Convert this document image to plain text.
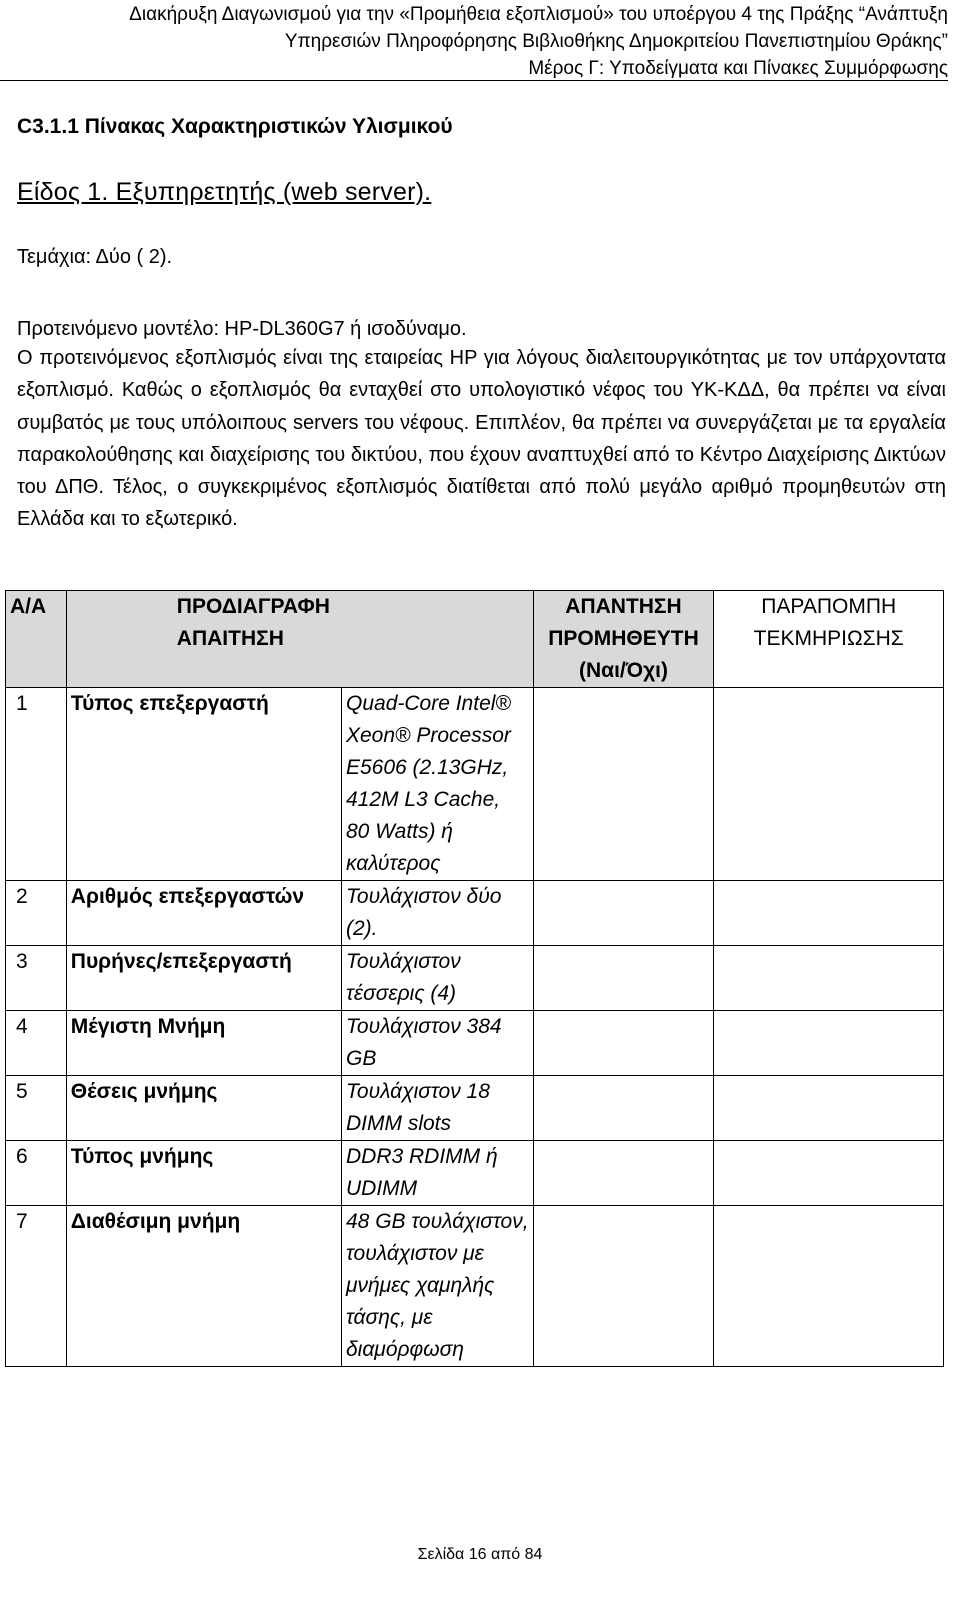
Διακήρυξη Διαγωνισμού για την «Προμήθεια εξοπλισμού» του υποέργου 4 της Πράξης “Ανάπτυξη
Υπηρεσιών Πληροφόρησης Βιβλιοθήκης Δημοκριτείου Πανεπιστημίου Θράκης”
Μέρος Γ: Υποδείγματα και Πίνακες Συμμόρφωσης
C3.1.1 Πίνακας Χαρακτηριστικών Υλισμικού
Είδος 1. Εξυπηρετητής (web server).

Τεμάχια: Δύο ( 2).

Προτεινόμενο μοντέλο: HP-DL360G7 ή ισοδύναμο.

Ο προτεινόμενος εξοπλισμός είναι της εταιρείας HP για λόγους διαλειτουργικότητας με τον υπάρχοντατα εξοπλισμό. Καθώς ο εξοπλισμός θα ενταχθεί στο υπολογιστικό νέφος του ΥΚ-ΚΔΔ, θα πρέπει να είναι συμβατός με τους υπόλοιπους servers του νέφους. Επιπλέον, θα πρέπει να συνεργάζεται με τα εργαλεία παρακολούθησης και διαχείρισης του δικτύου, που έχουν αναπτυχθεί από το Κέντρο Διαχείρισης Δικτύων του ΔΠΘ. Τέλος, ο συγκεκριμένος εξοπλισμός διατίθεται από πολύ μεγάλο αριθμό προμηθευτών στη Ελλάδα και το εξωτερικό.

Α/Α	ΠΡΟΔΙΑΓΡΑΦΗΑΠΑΙΤΗΣΗ		ΑΠΑΝΤΗΣΗ ΠΡΟΜΗΘΕΥΤΗ (Ναι/Όχι)	ΠΑΡΑΠΟΜΠΗ ΤΕΚΜΗΡΙΩΣΗΣ
1	Τύπος επεξεργαστή	Quad-Core Intel® Xeon® Processor E5606 (2.13GHz, 412M L3 Cache, 80 Watts) ή καλύτερος		
2	Αριθμός επεξεργαστών	Τουλάχιστον δύο (2).		
3	Πυρήνες/επεξεργαστή	Τουλάχιστον τέσσερις (4)		
4	Μέγιστη Μνήμη	Τουλάχιστον 384 GB		
5	Θέσεις μνήμης	Τουλάχιστον 18 DIMM slots		
6	Τύπος μνήμης	DDR3 RDIMM ή UDIMM		
7	Διαθέσιμη μνήμη	48 GB τουλάχιστον, τουλάχιστον με μνήμες χαμηλής τάσης, με διαμόρφωση		
Σελίδα 16 από 84
